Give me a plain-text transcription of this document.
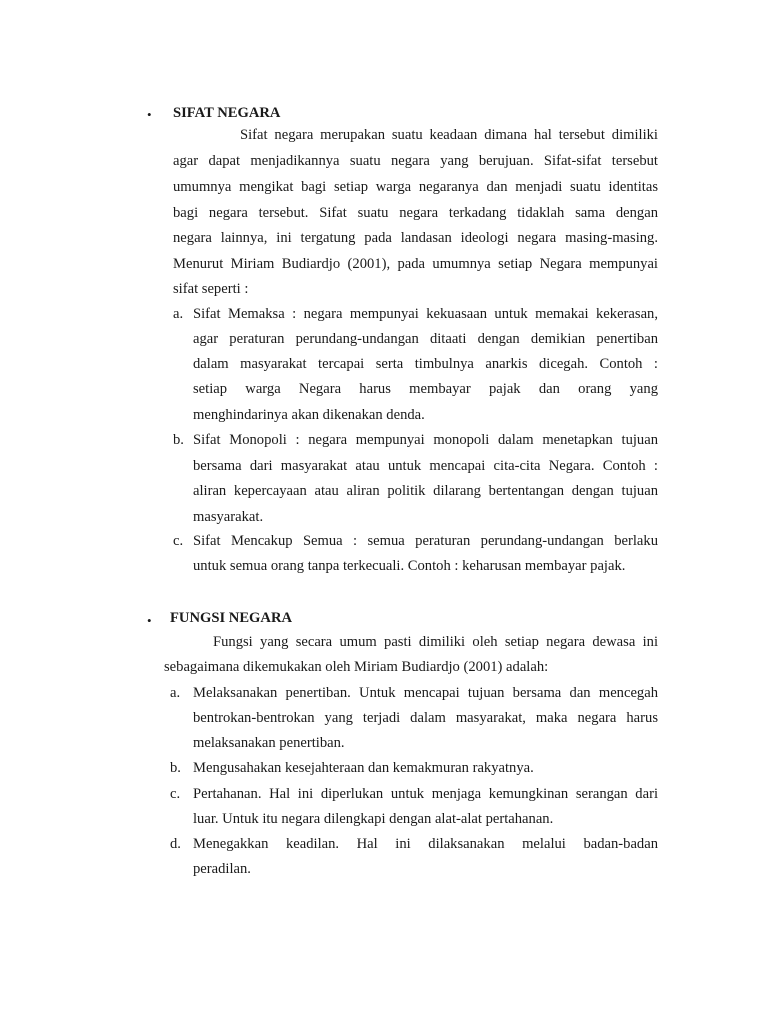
• SIFAT NEGARA
Sifat negara merupakan suatu keadaan dimana hal tersebut dimiliki
agar dapat menjadikannya suatu negara yang berujuan. Sifat-sifat tersebut
umumnya mengikat bagi setiap warga negaranya dan menjadi suatu identitas
bagi negara tersebut. Sifat suatu negara terkadang tidaklah sama dengan
negara lainnya, ini tergatung pada landasan ideologi negara masing-masing.
Menurut Miriam Budiardjo (2001), pada umumnya setiap Negara mempunyai
sifat seperti :
a. Sifat Memaksa : negara mempunyai kekuasaan untuk memakai kekerasan,
agar peraturan perundang-undangan ditaati dengan demikian penertiban
dalam masyarakat tercapai serta timbulnya anarkis dicegah. Contoh :
setiap warga Negara harus membayar pajak dan orang yang
menghindarinya akan dikenakan denda.
b. Sifat Monopoli : negara mempunyai monopoli dalam menetapkan tujuan
bersama dari masyarakat atau untuk mencapai cita-cita Negara. Contoh :
aliran kepercayaan atau aliran politik dilarang bertentangan dengan tujuan
masyarakat.
c. Sifat Mencakup Semua : semua peraturan perundang-undangan berlaku
untuk semua orang tanpa terkecuali. Contoh : keharusan membayar pajak.
• FUNGSI NEGARA
Fungsi yang secara umum pasti dimiliki oleh setiap negara dewasa ini
sebagaimana dikemukakan oleh Miriam Budiardjo (2001) adalah:
a. Melaksanakan penertiban. Untuk mencapai tujuan bersama dan mencegah
bentrokan-bentrokan yang terjadi dalam masyarakat, maka negara harus
melaksanakan penertiban.
b. Mengusahakan kesejahteraan dan kemakmuran rakyatnya.
c. Pertahanan. Hal ini diperlukan untuk menjaga kemungkinan serangan dari
luar. Untuk itu negara dilengkapi dengan alat-alat pertahanan.
d. Menegakkan keadilan. Hal ini dilaksanakan melalui badan-badan
peradilan.
